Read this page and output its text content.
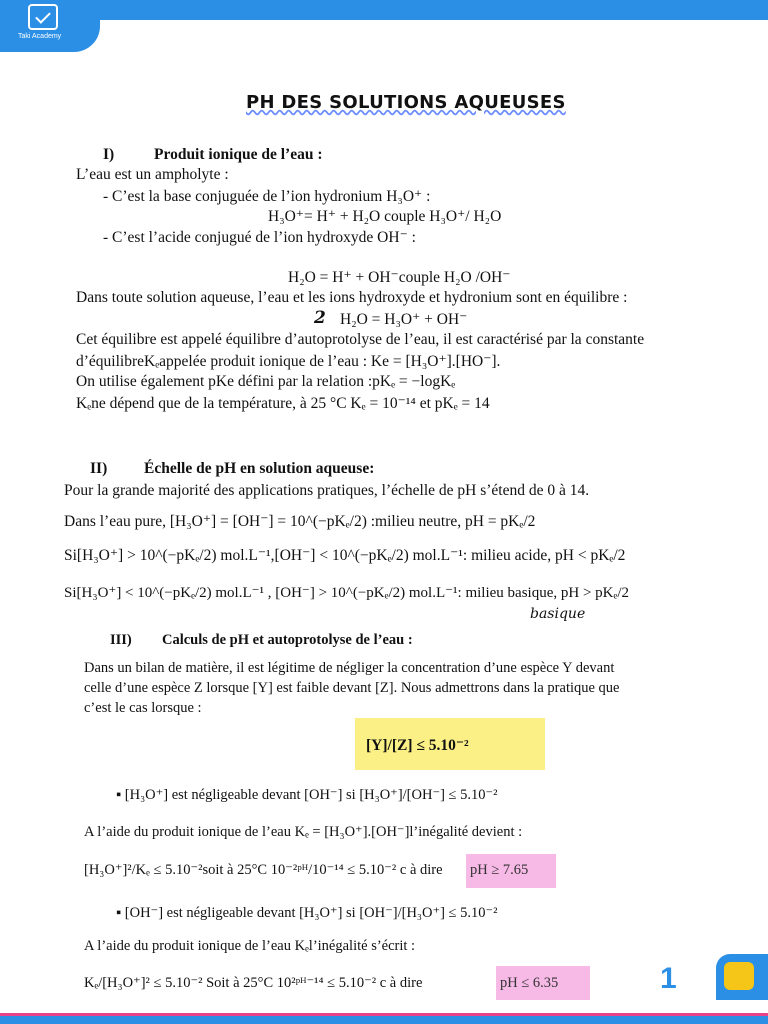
Taki Academy
PH DES SOLUTIONS AQUEUSES
I)	Produit ionique de l’eau :
L’eau est un ampholyte :
- C’est la base conjuguée de l’ion hydronium H₃O⁺ :
H₃O⁺= H⁺ + H₂O couple H₃O⁺/ H₂O
- C’est l’acide conjugué de l’ion hydroxyde OH⁻ :
H₂O = H⁺ + OH⁻couple H₂O /OH⁻
Dans toute solution aqueuse, l’eau et les ions hydroxyde et hydronium sont en équilibre :
2 H₂O = H₃O⁺ + OH⁻
Cet équilibre est appelé équilibre d’autoprotolyse de l’eau, il est caractérisé par la constante
d’équilibreKₑappelée produit ionique de l’eau : Ke = [H₃O⁺].[HO⁻].
On utilise également pKe défini par la relation :pKₑ = −logKₑ
Kₑne dépend que de la température, à 25 °C Kₑ = 10⁻¹⁴ et pKₑ = 14
II) Échelle de pH en solution aqueuse:
Pour la grande majorité des applications pratiques, l’échelle de pH s’étend de 0 à 14.
Dans l’eau pure, [H₃O⁺] = [OH⁻] = 10^(−pKₑ/2) :milieu neutre, pH = pKₑ/2
Si[H₃O⁺] > 10^(−pKₑ/2) mol.L⁻¹,[OH⁻] < 10^(−pKₑ/2) mol.L⁻¹: milieu acide, pH < pKₑ/2
Si[H₃O⁺] < 10^(−pKₑ/2) mol.L⁻¹ , [OH⁻] > 10^(−pKₑ/2) mol.L⁻¹: milieu basique, pH > pKₑ/2
basique
III) Calculs de pH et autoprotolyse de l’eau :
Dans un bilan de matière, il est légitime de négliger la concentration d’une espèce Y devant
celle d’une espèce Z lorsque [Y] est faible devant [Z]. Nous admettrons dans la pratique que
c’est le cas lorsque :
[Y]/[Z] ≤ 5.10⁻²
▪ [H₃O⁺] est négligeable devant [OH⁻] si [H₃O⁺]/[OH⁻] ≤ 5.10⁻²
A l’aide du produit ionique de l’eau Kₑ = [H₃O⁺].[OH⁻]l’inégalité devient :
[H₃O⁺]²/Kₑ ≤ 5.10⁻²soit à 25°C 10⁻²ᵖᴴ/10⁻¹⁴ ≤ 5.10⁻² c à dire pH ≥ 7.65
▪ [OH⁻] est négligeable devant [H₃O⁺] si [OH⁻]/[H₃O⁺] ≤ 5.10⁻²
A l’aide du produit ionique de l’eau Kₑl’inégalité s’écrit :
Kₑ/[H₃O⁺]² ≤ 5.10⁻² Soit à 25°C 10²ᵖᴴ⁻¹⁴ ≤ 5.10⁻² c à dire	pH ≤ 6.35	1
